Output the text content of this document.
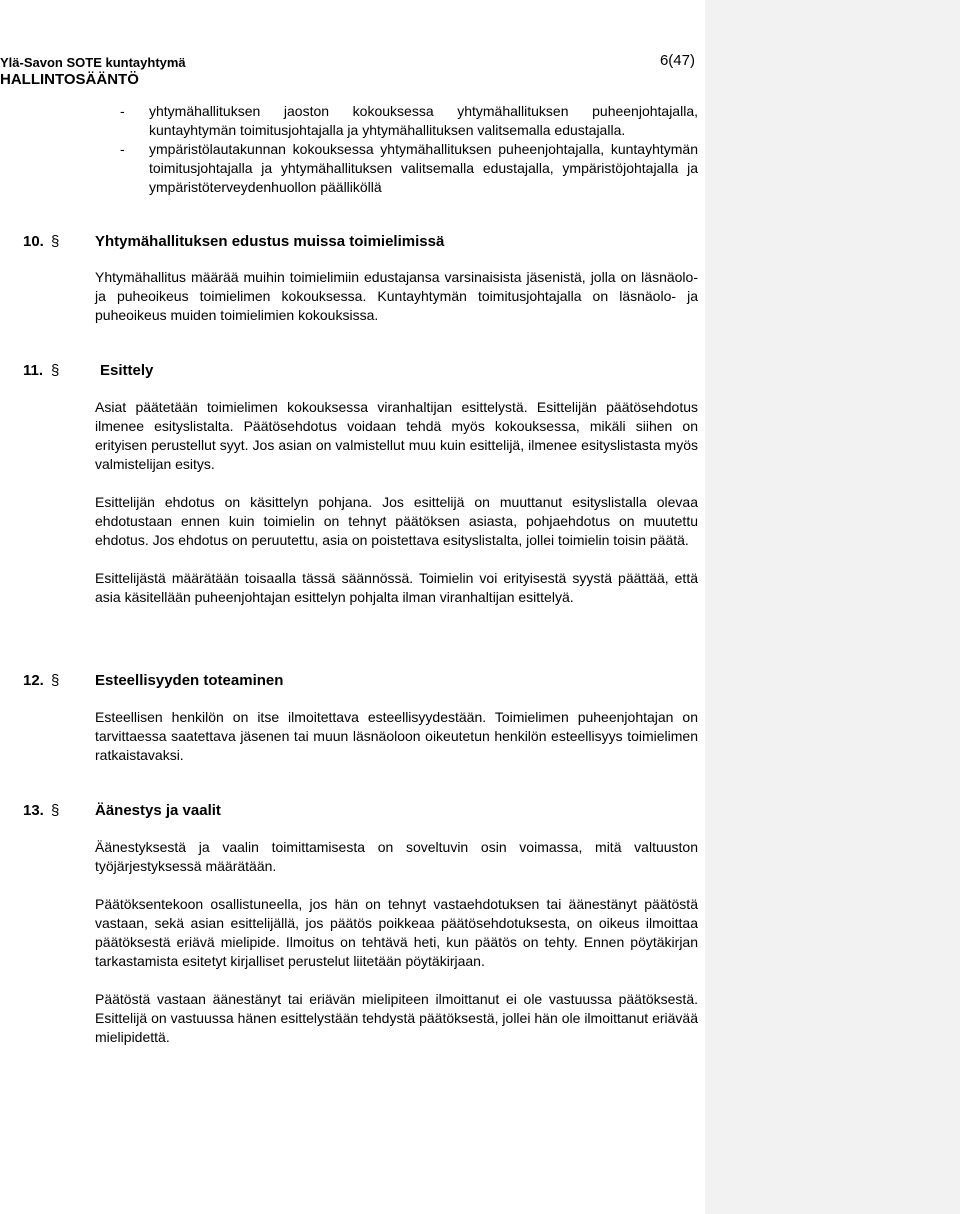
Ylä-Savon SOTE kuntayhtymä
HALLINTOSÄÄNTÖ
6(47)
- yhtymähallituksen jaoston kokouksessa yhtymähallituksen puheenjohtajalla, kuntayhtymän toimitusjohtajalla ja yhtymähallituksen valitsemalla edustajalla.
- ympäristölautakunnan kokouksessa yhtymähallituksen puheenjohtajalla, kuntayhtymän toimitusjohtajalla ja yhtymähallituksen valitsemalla edustajalla, ympäristöjohtajalla ja ympäristöterveydenhuollon päälliköllä
10. § Yhtymähallituksen edustus muissa toimielimissä

Yhtymähallitus määrää muihin toimielimiin edustajansa varsinaisista jäsenistä, jolla on läsnäolo- ja puheoikeus toimielimen kokouksessa. Kuntayhtymän toimitusjohtajalla on läsnäolo- ja puheoikeus muiden toimielimien kokouksissa.

11. §	Esittely

Asiat päätetään toimielimen kokouksessa viranhaltijan esittelystä. Esittelijän päätösehdotus ilmenee esityslistalta. Päätösehdotus voidaan tehdä myös kokouksessa, mikäli siihen on erityisen perustellut syyt. Jos asian on valmistellut muu kuin esittelijä, ilmenee esityslistasta myös valmistelijan esitys.

Esittelijän ehdotus on käsittelyn pohjana. Jos esittelijä on muuttanut esityslistalla olevaa ehdotustaan ennen kuin toimielin on tehnyt päätöksen asiasta, pohjaehdotus on muutettu ehdotus. Jos ehdotus on peruutettu, asia on poistettava esityslistalta, jollei toimielin toisin päätä.

Esittelijästä määrätään toisaalla tässä säännössä. Toimielin voi erityisestä syystä päättää, että asia käsitellään puheenjohtajan esittelyn pohjalta ilman viranhaltijan esittelyä.

12. § Esteellisyyden toteaminen

Esteellisen henkilön on itse ilmoitettava esteellisyydestään. Toimielimen puheenjohtajan on tarvittaessa saatettava jäsenen tai muun läsnäoloon oikeutetun henkilön esteellisyys toimielimen ratkaistavaksi.

13. § Äänestys ja vaalit

Äänestyksestä ja vaalin toimittamisesta on soveltuvin osin voimassa, mitä valtuuston työjärjestyksessä määrätään.

Päätöksentekoon osallistuneella, jos hän on tehnyt vastaehdotuksen tai äänestänyt päätöstä vastaan, sekä asian esittelijällä, jos päätös poikkeaa päätösehdotuksesta, on oikeus ilmoittaa päätöksestä eriävä mielipide. Ilmoitus on tehtävä heti, kun päätös on tehty. Ennen pöytäkirjan tarkastamista esitetyt kirjalliset perustelut liitetään pöytäkirjaan.

Päätöstä vastaan äänestänyt tai eriävän mielipiteen ilmoittanut ei ole vastuussa päätöksestä. Esittelijä on vastuussa hänen esittelystään tehdystä päätöksestä, jollei hän ole ilmoittanut eriävää mielipidettä.
